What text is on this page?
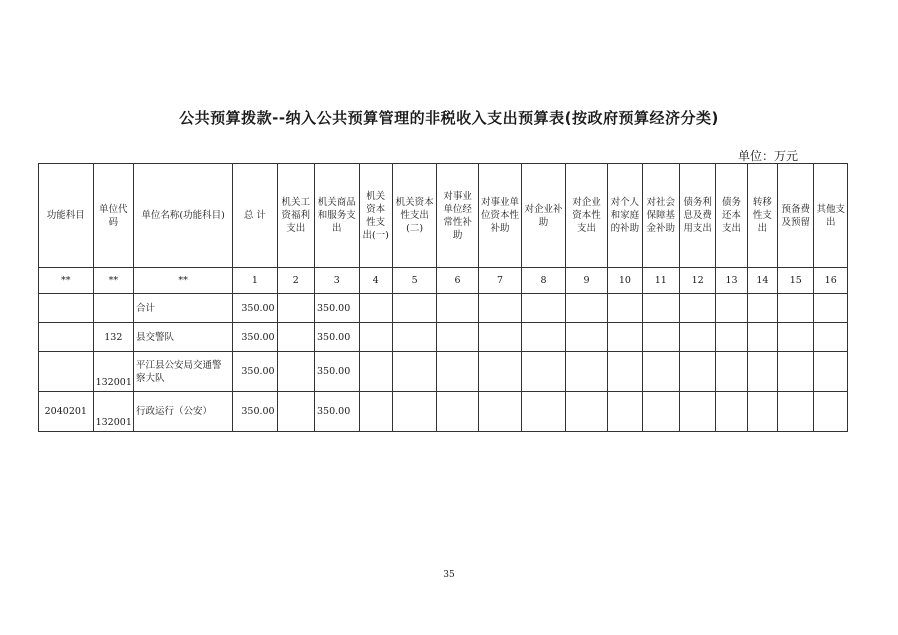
公共预算拨款--纳入公共预算管理的非税收入支出预算表(按政府预算经济分类)
单位：万元
功能科目	单位代码	单位名称(功能科目)	总 计	机关工资福利支出	机关商品和服务支出	机关资本性支出(一)	机关资本性支出(二)	对事业单位经常性补助	对事业单位资本性补助	对企业补助	对企业资本性支出	对个人和家庭的补助	对社会保障基金补助	债务利息及费用支出	债务还本支出	转移性支出	预备费及预留	其他支出
**	**	**	1	2	3	4	5	6	7	8	9	10	11	12	13	14	15	16
		合计	350.00		350.00													
	132	县交警队	350.00		350.00													
	132001	平江县公安局交通警察大队	350.00		350.00													
2040201	132001	行政运行（公安）	350.00		350.00													
35
